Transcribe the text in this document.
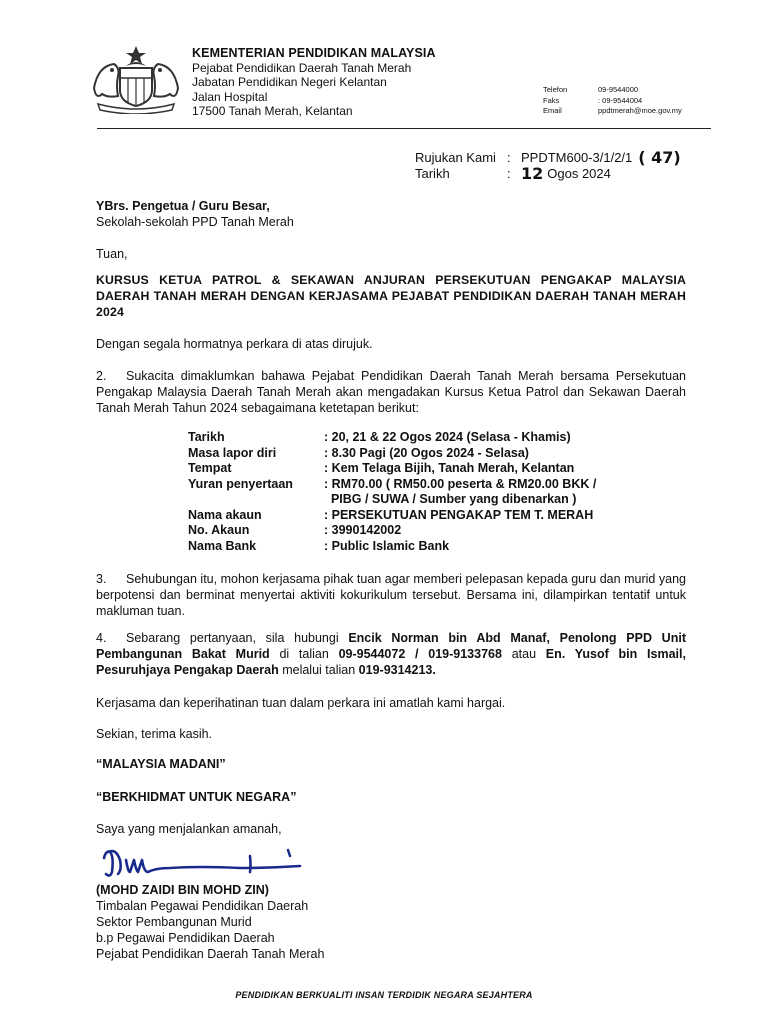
KEMENTERIAN PENDIDIKAN MALAYSIA
Pejabat Pendidikan Daerah Tanah Merah
Jabatan Pendidikan Negeri Kelantan
Jalan Hospital
17500 Tanah Merah, Kelantan
Telefon	09-9544000
Faks	: 09-9544004
Email	ppdtmerah@moe.gov.my
Rujukan Kami : PPDTM600-3/1/2/1 ( 47)
Tarikh	: 12 Ogos 2024
YBrs. Pengetua / Guru Besar,
Sekolah-sekolah PPD Tanah Merah
Tuan,
KURSUS KETUA PATROL & SEKAWAN ANJURAN PERSEKUTUAN PENGAKAP MALAYSIA DAERAH TANAH MERAH DENGAN KERJASAMA PEJABAT PENDIDIKAN DAERAH TANAH MERAH 2024
Dengan segala hormatnya perkara di atas dirujuk.
2. Sukacita dimaklumkan bahawa Pejabat Pendidikan Daerah Tanah Merah bersama Persekutuan Pengakap Malaysia Daerah Tanah Merah akan mengadakan Kursus Ketua Patrol dan Sekawan Daerah Tanah Merah Tahun 2024 sebagaimana ketetapan berikut:
Tarikh	: 20, 21 & 22 Ogos 2024 (Selasa - Khamis)
Masa lapor diri	: 8.30 Pagi (20 Ogos 2024 - Selasa)
Tempat	: Kem Telaga Bijih, Tanah Merah, Kelantan
Yuran penyertaan	: RM70.00 ( RM50.00 peserta & RM20.00 BKK /
PIBG / SUWA / Sumber yang dibenarkan )
Nama akaun	: PERSEKUTUAN PENGAKAP TEM T. MERAH
No. Akaun	: 3990142002
Nama Bank	: Public Islamic Bank
3. Sehubungan itu, mohon kerjasama pihak tuan agar memberi pelepasan kepada guru dan murid yang berpotensi dan berminat menyertai aktiviti kokurikulum tersebut. Bersama ini, dilampirkan tentatif untuk makluman tuan.
4. Sebarang pertanyaan, sila hubungi Encik Norman bin Abd Manaf, Penolong PPD Unit Pembangunan Bakat Murid di talian 09-9544072 / 019-9133768 atau En. Yusof bin Ismail, Pesuruhjaya Pengakap Daerah melalui talian 019-9314213.
Kerjasama dan keperihatinan tuan dalam perkara ini amatlah kami hargai.
Sekian, terima kasih.
“MALAYSIA MADANI”
“BERKHIDMAT UNTUK NEGARA”
Saya yang menjalankan amanah,
(MOHD ZAIDI BIN MOHD ZIN)
Timbalan Pegawai Pendidikan Daerah
Sektor Pembangunan Murid
b.p Pegawai Pendidikan Daerah
Pejabat Pendidikan Daerah Tanah Merah
PENDIDIKAN BERKUALITI INSAN TERDIDIK NEGARA SEJAHTERA
